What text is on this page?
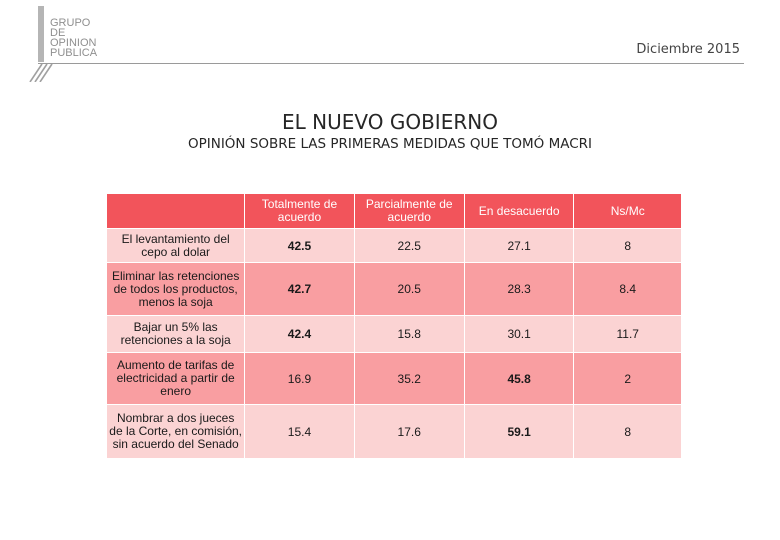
GRUPO
DE
OPINION
PUBLICA	Diciembre 2015
EL NUEVO GOBIERNO
OPINIÓN SOBRE LAS PRIMERAS MEDIDAS QUE TOMÓ MACRI
	Totalmente de acuerdo	Parcialmente de acuerdo	En desacuerdo	Ns/Mc
El levantamiento del cepo al dolar	42.5	22.5	27.1	8
Eliminar las retenciones de todos los productos, menos la soja	42.7	20.5	28.3	8.4
Bajar un 5% las retenciones a la soja	42.4	15.8	30.1	11.7
Aumento de tarifas de electricidad a partir de enero	16.9	35.2	45.8	2
Nombrar a dos jueces de la Corte, en comisión, sin acuerdo del Senado	15.4	17.6	59.1	8
